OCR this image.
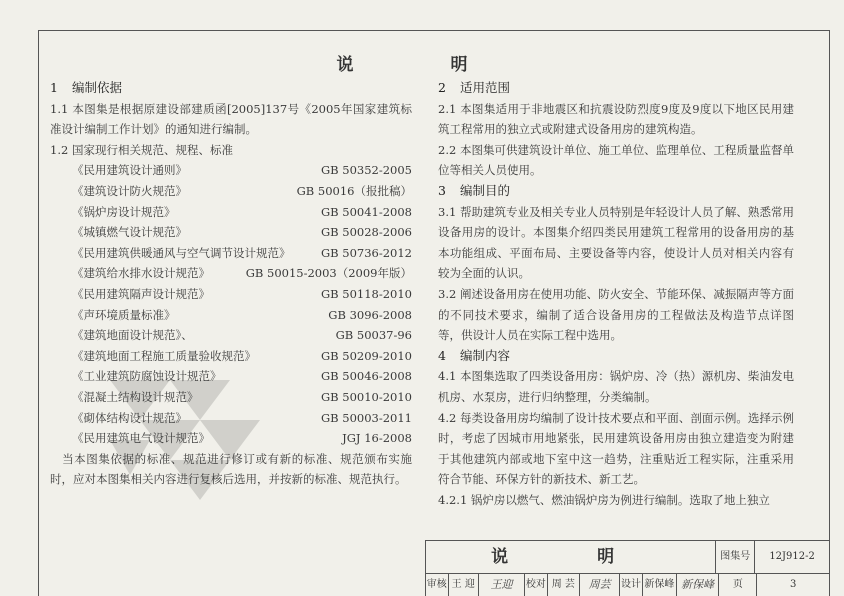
说　明
1 编制依据
1.1 本图集是根据原建设部建质函[2005]137号《2005年国家建筑标准设计编制工作计划》的通知进行编制。
1.2 国家现行相关规范、规程、标准
《民用建筑设计通则》	GB 50352-2005
《建筑设计防火规范》	GB 50016（报批稿）
《锅炉房设计规范》	GB 50041-2008
《城镇燃气设计规范》	GB 50028-2006
《民用建筑供暖通风与空气调节设计规范》	GB 50736-2012
《建筑给水排水设计规范》	GB 50015-2003（2009年版）
《民用建筑隔声设计规范》	GB 50118-2010
《声环境质量标准》	GB 3096-2008
《建筑地面设计规范》、	GB 50037-96
《建筑地面工程施工质量验收规范》	GB 50209-2010
《工业建筑防腐蚀设计规范》	GB 50046-2008
《混凝土结构设计规范》	GB 50010-2010
《砌体结构设计规范》	GB 50003-2011
《民用建筑电气设计规范》	JGJ 16-2008
　当本图集依据的标准、规范进行修订或有新的标准、规范颁布实施时，应对本图集相关内容进行复核后选用，并按新的标准、规范执行。
2 适用范围
2.1 本图集适用于非地震区和抗震设防烈度9度及9度以下地区民用建筑工程常用的独立式或附建式设备用房的建筑构造。
2.2 本图集可供建筑设计单位、施工单位、监理单位、工程质量监督单位等相关人员使用。
3 编制目的
3.1 帮助建筑专业及相关专业人员特别是年轻设计人员了解、熟悉常用设备用房的设计。本图集介绍四类民用建筑工程常用的设备用房的基本功能组成、平面布局、主要设备等内容，使设计人员对相关内容有较为全面的认识。
3.2 阐述设备用房在使用功能、防火安全、节能环保、减振隔声等方面的不同技术要求，编制了适合设备用房的工程做法及构造节点详图等，供设计人员在实际工程中选用。
4 编制内容
4.1 本图集选取了四类设备用房：锅炉房、冷（热）源机房、柴油发电机房、水泵房，进行归纳整理，分类编制。
4.2 每类设备用房均编制了设计技术要点和平面、剖面示例。选择示例时，考虑了因城市用地紧张，民用建筑设备用房由独立建造变为附建于其他建筑内部或地下室中这一趋势，注重贴近工程实际，注重采用符合节能、环保方针的新技术、新工艺。
4.2.1 锅炉房以燃气、燃油锅炉房为例进行编制。选取了地上独立
说　明	图集号	12J912-2
审核 王 迎	王迎	校对 周 芸	周芸	设计 新保峰 新保峰	页	3
